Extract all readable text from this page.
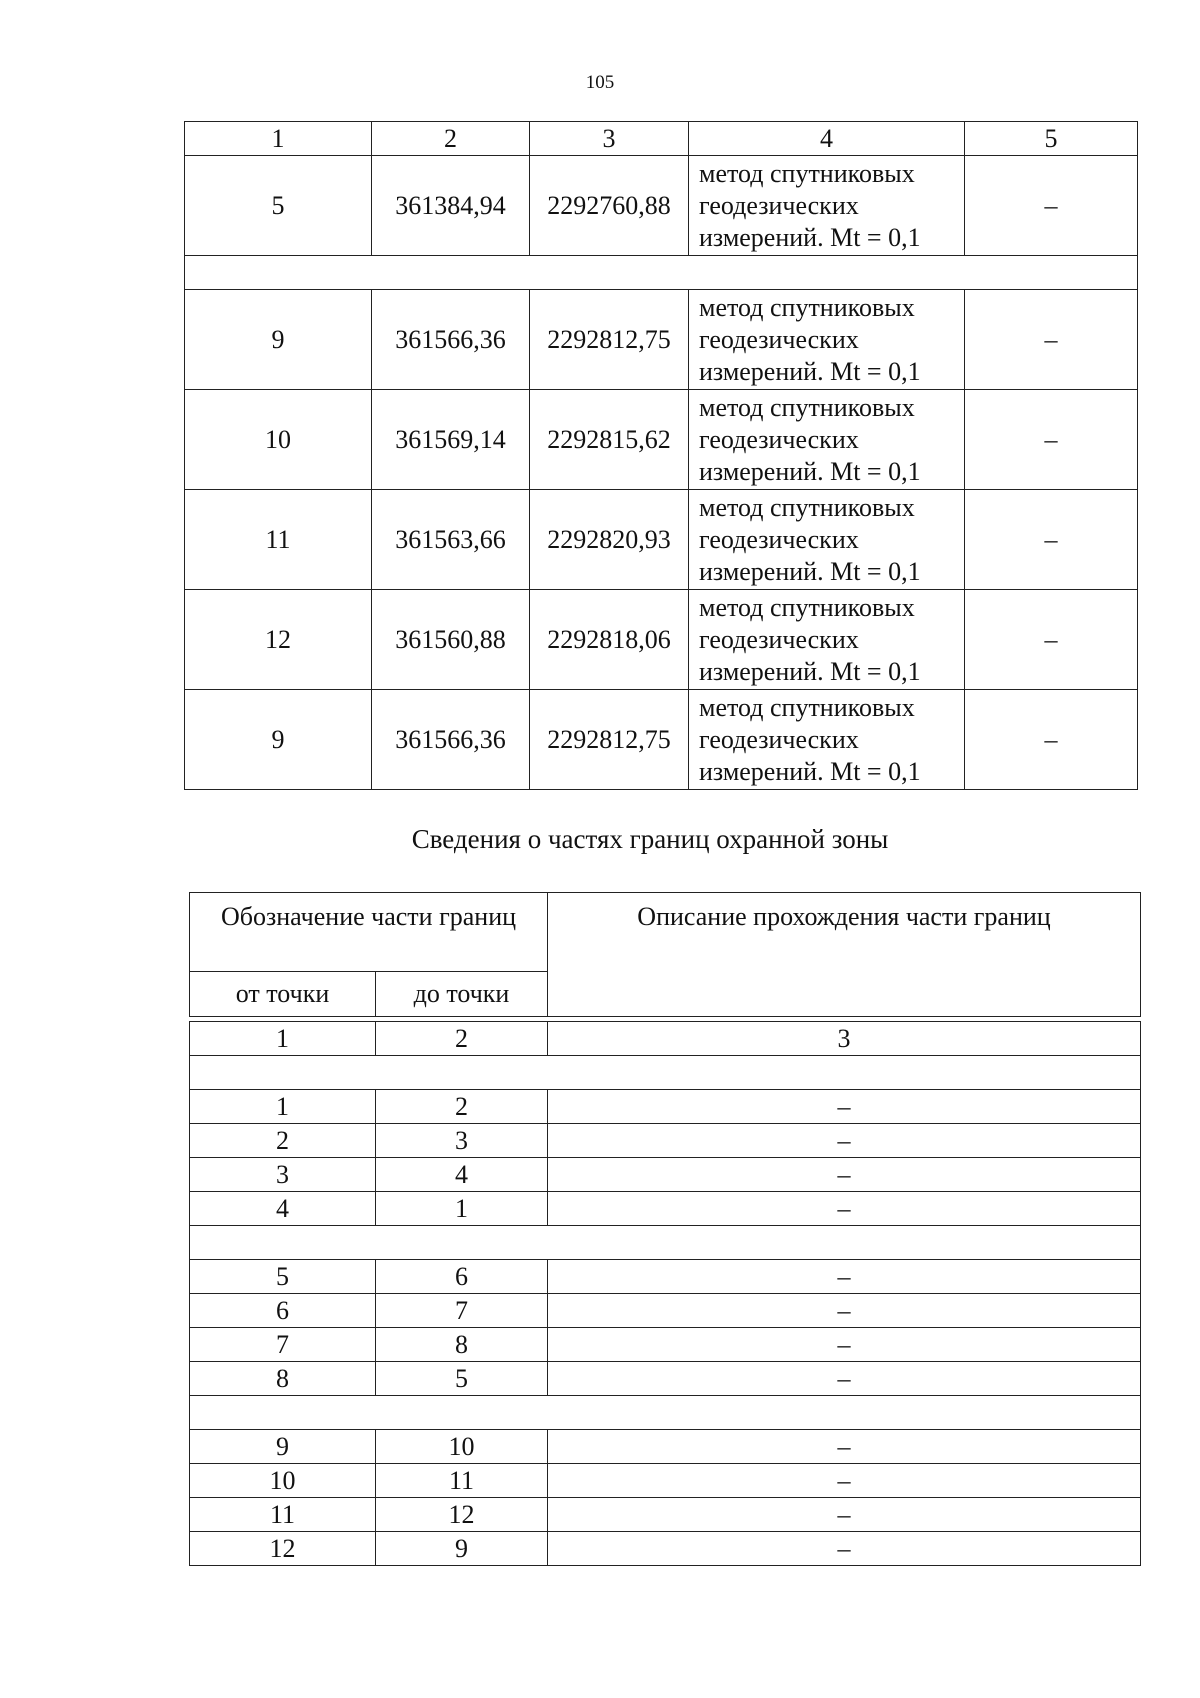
105
1	2	3	4	5
5	361384,94	2292760,88	метод спутниковых
геодезических
измерений. Mt = 0,1	–

9	361566,36	2292812,75	метод спутниковых
геодезических
измерений. Mt = 0,1	–
10	361569,14	2292815,62	метод спутниковых
геодезических
измерений. Mt = 0,1	–
11	361563,66	2292820,93	метод спутниковых
геодезических
измерений. Mt = 0,1	–
12	361560,88	2292818,06	метод спутниковых
геодезических
измерений. Mt = 0,1	–
9	361566,36	2292812,75	метод спутниковых
геодезических
измерений. Mt = 0,1	–
Сведения о частях границ охранной зоны
Обозначение части границ		Описание прохождения части границ
от точки	до точки	

1	2	3

1	2	–
2	3	–
3	4	–
4	1	–

5	6	–
6	7	–
7	8	–
8	5	–

9	10	–
10	11	–
11	12	–
12	9	–
